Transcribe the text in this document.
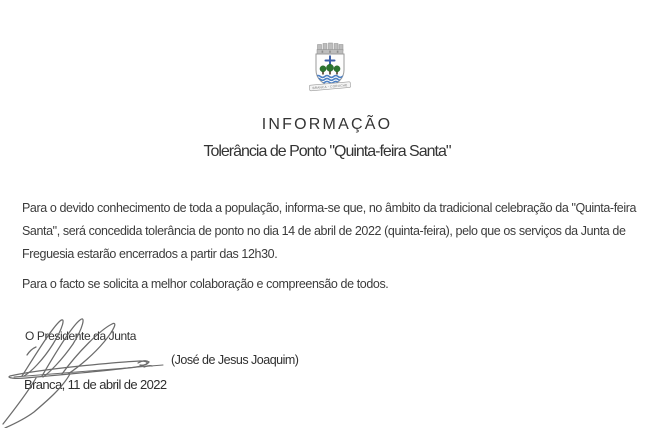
BRANCA - CORUCHE
INFORMAÇÃO
Tolerância de Ponto "Quinta-feira Santa"
Para o devido conhecimento de toda a população, informa-se que, no âmbito da tradicional celebração da "Quinta-feira
Santa", será concedida tolerância de ponto no dia 14 de abril de 2022 (quinta-feira), pelo que os serviços da Junta de
Freguesia estarão encerrados a partir das 12h30.
Para o facto se solicita a melhor colaboração e compreensão de todos.
O Presidente da Junta
(José de Jesus Joaquim)
Branca, 11 de abril de 2022
